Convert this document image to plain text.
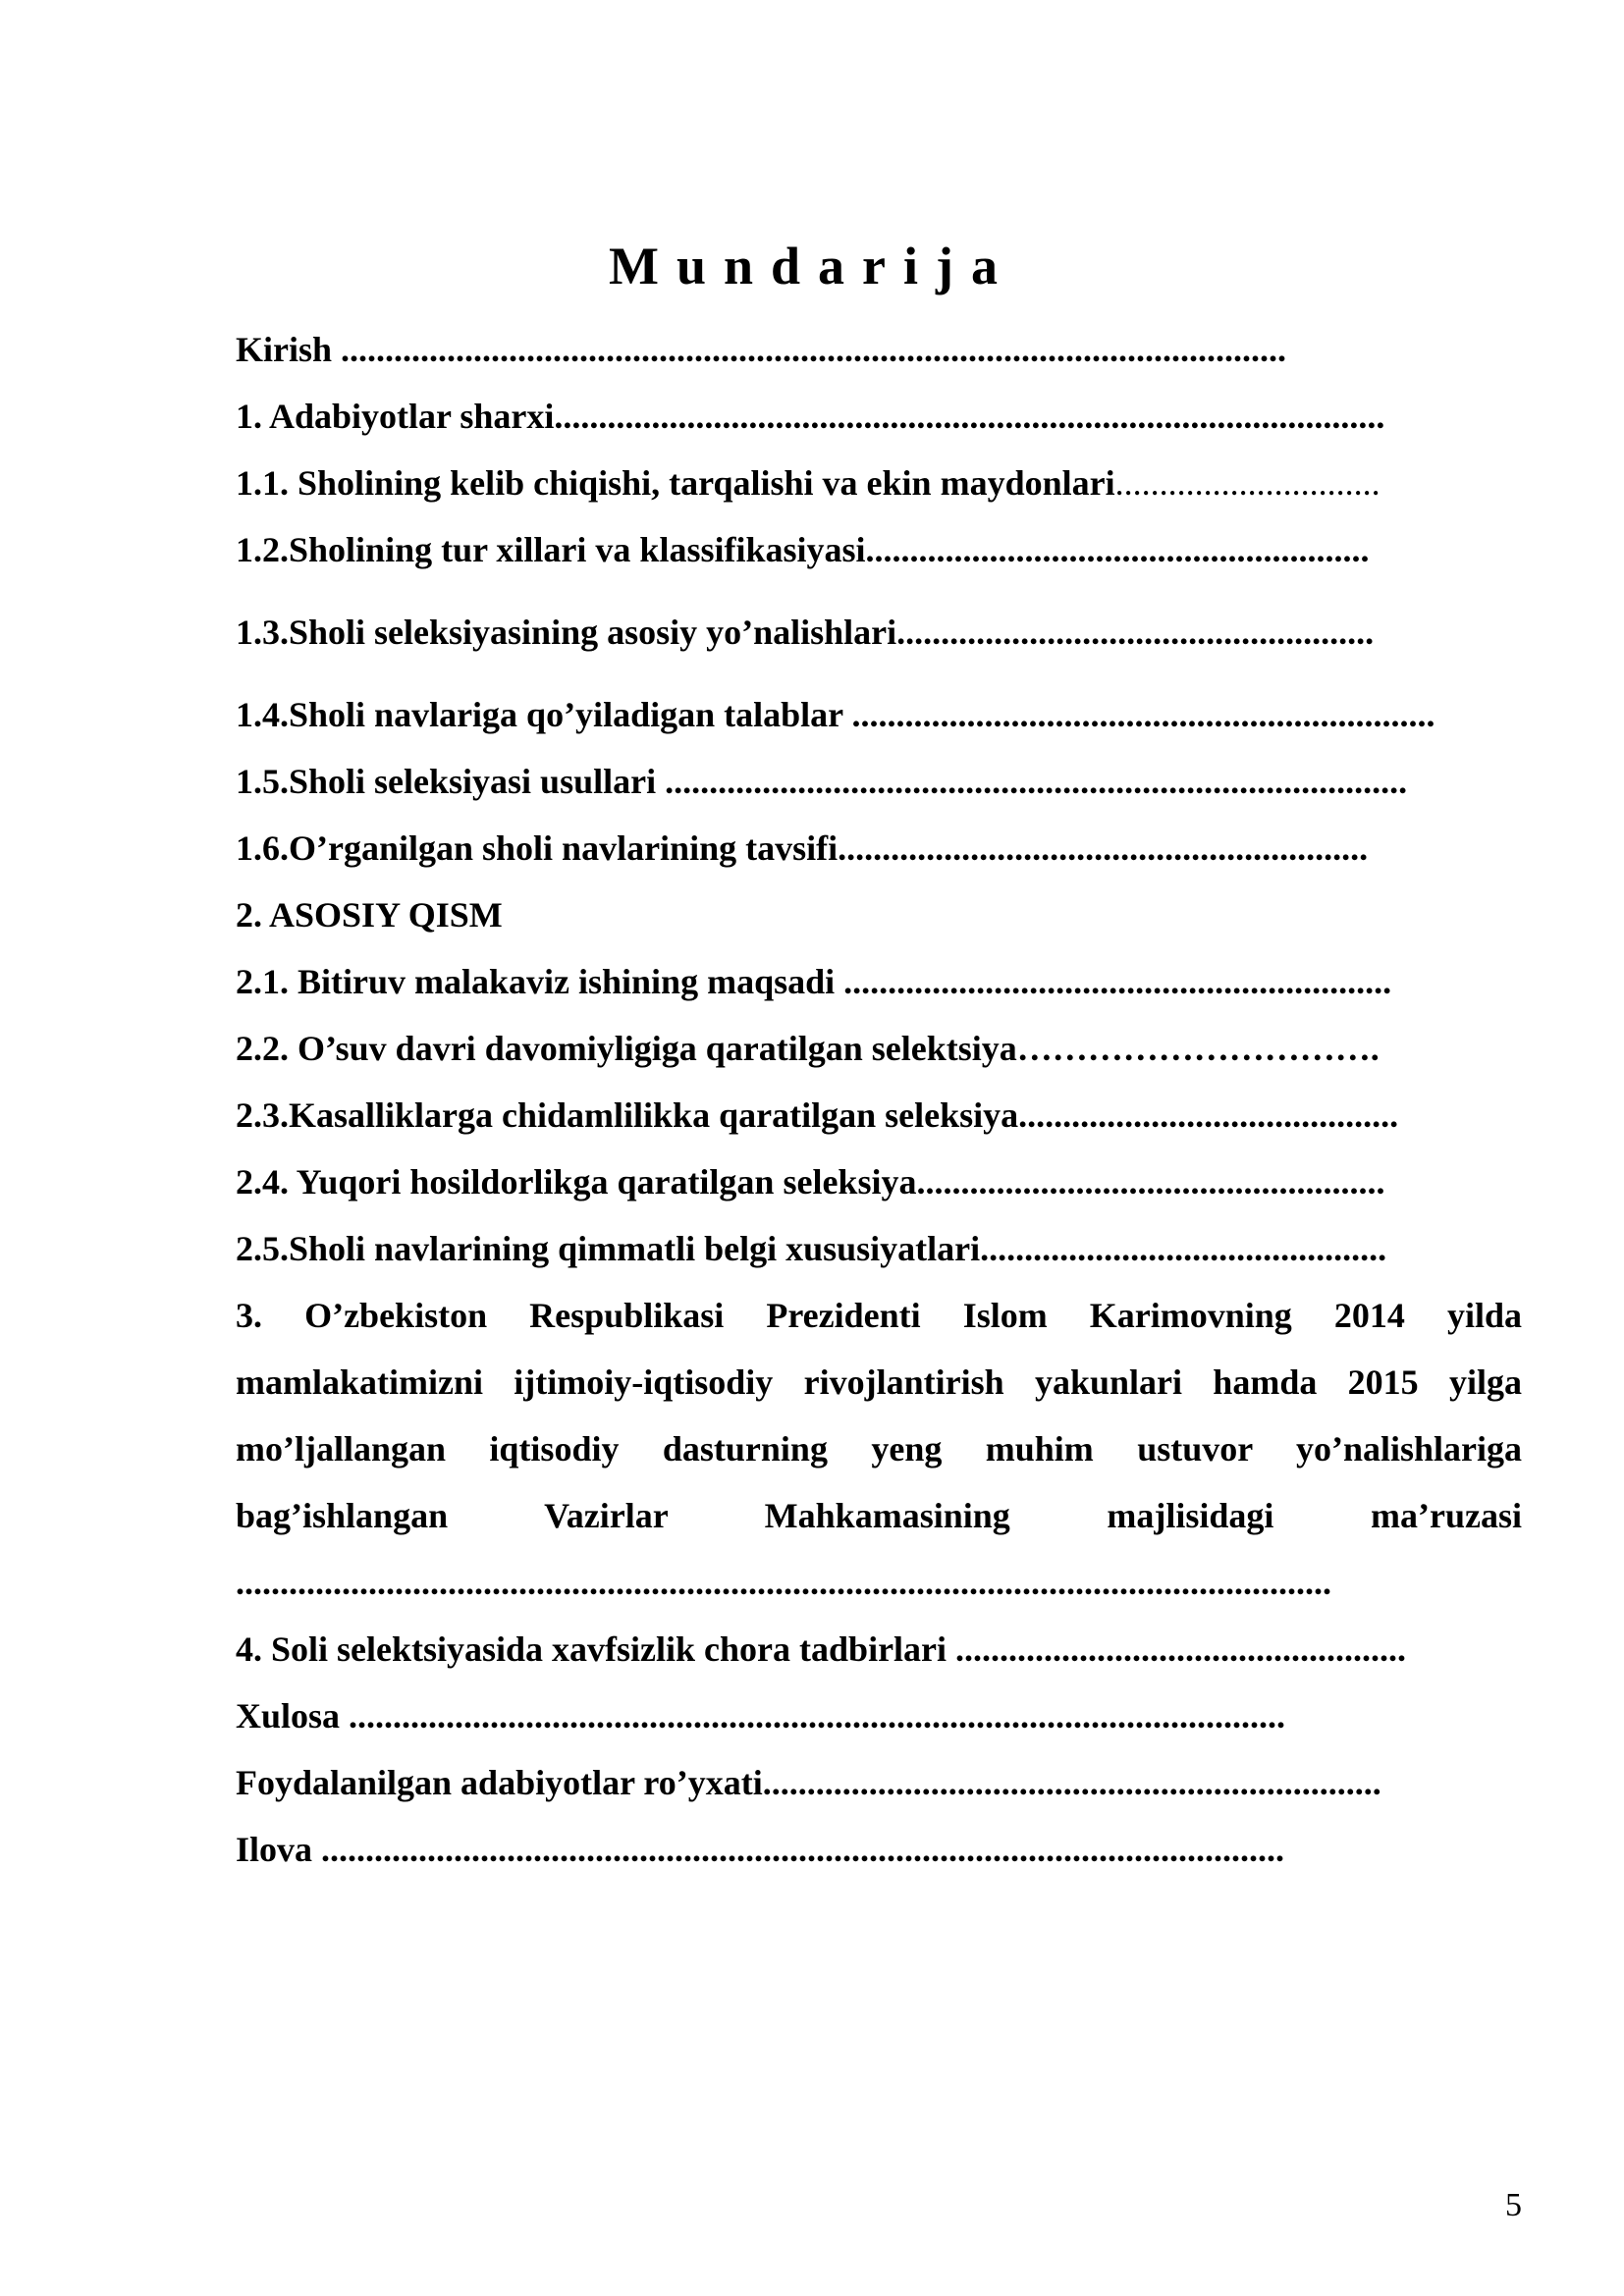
Mundarija
Kirish ...........................................................................................................
1. Adabiyotlar sharxi..............................................................................................
1.1. Sholining kelib chiqishi, tarqalishi va ekin maydonlari..............................
1.2.Sholining tur xillari va klassifikasiyasi.........................................................
1.3.Sholi seleksiyasining asosiy yo’nalishlari......................................................
1.4.Sholi navlariga qo’yiladigan talablar ..................................................................
1.5.Sholi seleksiyasi usullari ....................................................................................
1.6.O’rganilgan sholi navlarining tavsifi............................................................
2. ASOSIY QISM
2.1. Bitiruv malakaviz ishining maqsadi ..............................................................
2.2. O’suv davri davomiyligiga qaratilgan selektsiya………………………….
2.3.Kasalliklarga chidamlilikka qaratilgan seleksiya...........................................
2.4. Yuqori hosildorlikga qaratilgan seleksiya.....................................................
2.5.Sholi navlarining qimmatli belgi xususiyatlari..............................................
3. O’zbekiston Respublikasi Prezidenti Islom Karimovning 2014 yilda
mamlakatimizni ijtimoiy-iqtisodiy rivojlantirish yakunlari hamda 2015 yilga
mo’ljallangan iqtisodiy dasturning yeng muhim ustuvor yo’nalishlariga
bag’ishlangan Vazirlar Mahkamasining majlisidagi ma’ruzasi
............................................................................................................................
4. Soli selektsiyasida xavfsizlik chora tadbirlari ...................................................
Xulosa ..........................................................................................................
Foydalanilgan adabiyotlar ro’yxati......................................................................
Ilova .............................................................................................................

5
